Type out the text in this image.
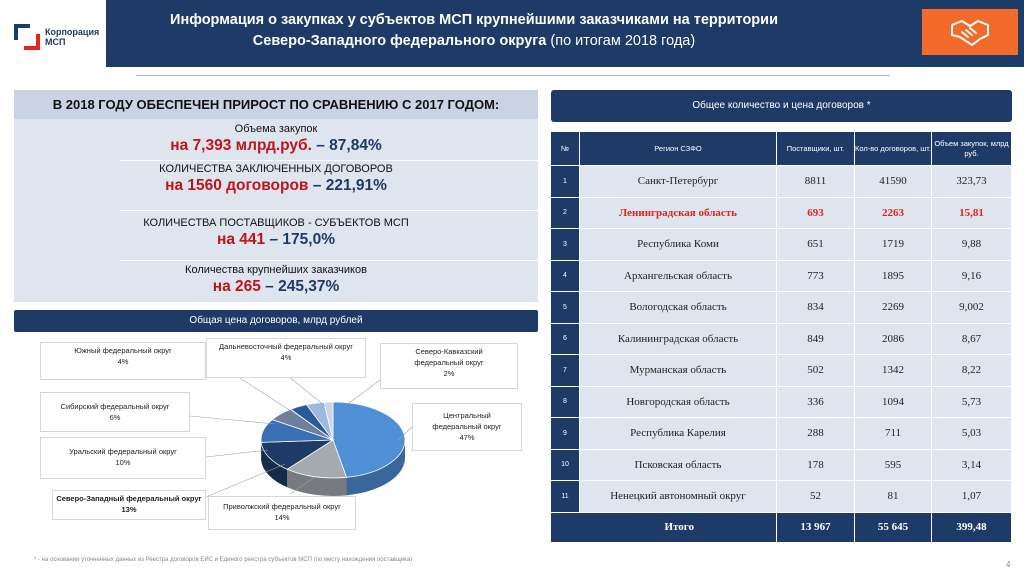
Корпорация
МСП
Информация о закупках у субъектов МСП крупнейшими заказчиками на территории
Северо-Западного федерального округа (по итогам 2018 года)
В 2018 ГОДУ ОБЕСПЕЧЕН ПРИРОСТ ПО СРАВНЕНИЮ С 2017 ГОДОМ:
Объема закупок
на 7,393 млрд.руб. – 87,84%
КОЛИЧЕСТВА ЗАКЛЮЧЕННЫХ ДОГОВОРОВ
на 1560 договоров – 221,91%
КОЛИЧЕСТВА ПОСТАВЩИКОВ - СУБЪЕКТОВ МСП
на 441 – 175,0%
Количества крупнейших заказчиков
на 265 – 245,37%
Общая цена договоров, млрд рублей
Южный федеральный округ
4%
Дальневосточный федеральный округ
4%
Северо-Кавказский федеральный округ
2%
Сибирский федеральный округ
6%	Центральный федеральный округ
47%
Уральский федеральный округ
10%
Северо-Западный федеральный округ
13%	Приволжский федеральный округ
14%
Общее количество и цена договоров *
№	Регион СЗФО	Поставщики, шт.	Кол-во договоров, шт.	Объем закупок, млрд руб.
1	Санкт-Петербург	8811	41590	323,73
2	Ленинградская область	693	2263	15,81
3	Республика Коми	651	1719	9,88
4	Архангельская область	773	1895	9,16
5	Вологодская область	834	2269	9,002
6	Калининградская область	849	2086	8,67
7	Мурманская область	502	1342	8,22
8	Новгородская область	336	1094	5,73
9	Республика Карелия	288	711	5,03
10	Псковская область	178	595	3,14
11	Ненецкий автономный округ	52	81	1,07
Итого		13 967	55 645	399,48
* - на основании уточненных данных из Реестра договоров ЕИС и Единого реестра субъектов МСП (по месту нахождения поставщика)	4
